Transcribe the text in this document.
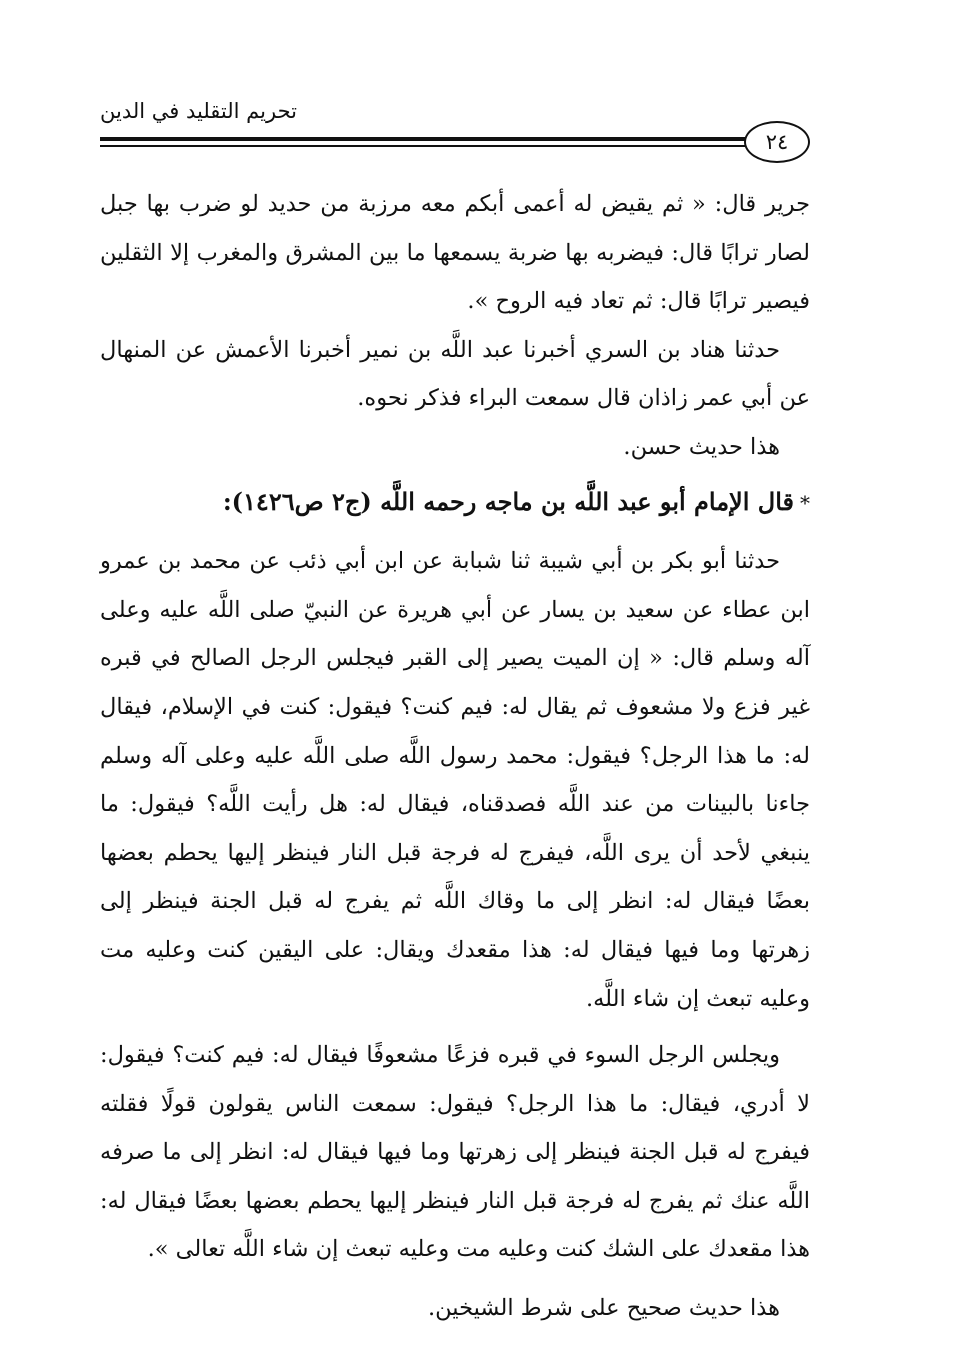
تحريم التقليد في الدين
٢٤

جرير قال: « ثم يقيض له أعمى أبكم معه مرزبة من حديد لو ضرب بها جبل لصار ترابًا قال: فيضربه بها ضربة يسمعها ما بين المشرق والمغرب إلا الثقلين فيصير ترابًا قال: ثم تعاد فيه الروح ».

حدثنا هناد بن السري أخبرنا عبد اللَّه بن نمير أخبرنا الأعمش عن المنهال عن أبي عمر زاذان قال سمعت البراء فذكر نحوه.

هذا حديث حسن.

*قال الإمام أبو عبد اللَّه بن ماجه رحمه اللَّه (ج٢ ص١٤٢٦):

حدثنا أبو بكر بن أبي شيبة ثنا شبابة عن ابن أبي ذئب عن محمد بن عمرو ابن عطاء عن سعيد بن يسار عن أبي هريرة عن النبيّ صلى اللَّه عليه وعلى آله وسلم قال: « إن الميت يصير إلى القبر فيجلس الرجل الصالح في قبره غير فزع ولا مشعوف ثم يقال له: فيم كنت؟ فيقول: كنت في الإسلام، فيقال له: ما هذا الرجل؟ فيقول: محمد رسول اللَّه صلى اللَّه عليه وعلى آله وسلم جاءنا بالبينات من عند اللَّه فصدقناه، فيقال له: هل رأيت اللَّه؟ فيقول: ما ينبغي لأحد أن يرى اللَّه، فيفرج له فرجة قبل النار فينظر إليها يحطم بعضها بعضًا فيقال له: انظر إلى ما وقاك اللَّه ثم يفرج له قبل الجنة فينظر إلى زهرتها وما فيها فيقال له: هذا مقعدك ويقال: على اليقين كنت وعليه مت وعليه تبعث إن شاء اللَّه.

ويجلس الرجل السوء في قبره فزعًا مشعوفًا فيقال له: فيم كنت؟ فيقول: لا أدري، فيقال: ما هذا الرجل؟ فيقول: سمعت الناس يقولون قولًا فقلته فيفرج له قبل الجنة فينظر إلى زهرتها وما فيها فيقال له: انظر إلى ما صرفه اللَّه عنك ثم يفرج له فرجة قبل النار فينظر إليها يحطم بعضها بعضًا فيقال له: هذا مقعدك على الشك كنت وعليه مت وعليه تبعث إن شاء اللَّه تعالى ».

هذا حديث صحيح على شرط الشيخين.
